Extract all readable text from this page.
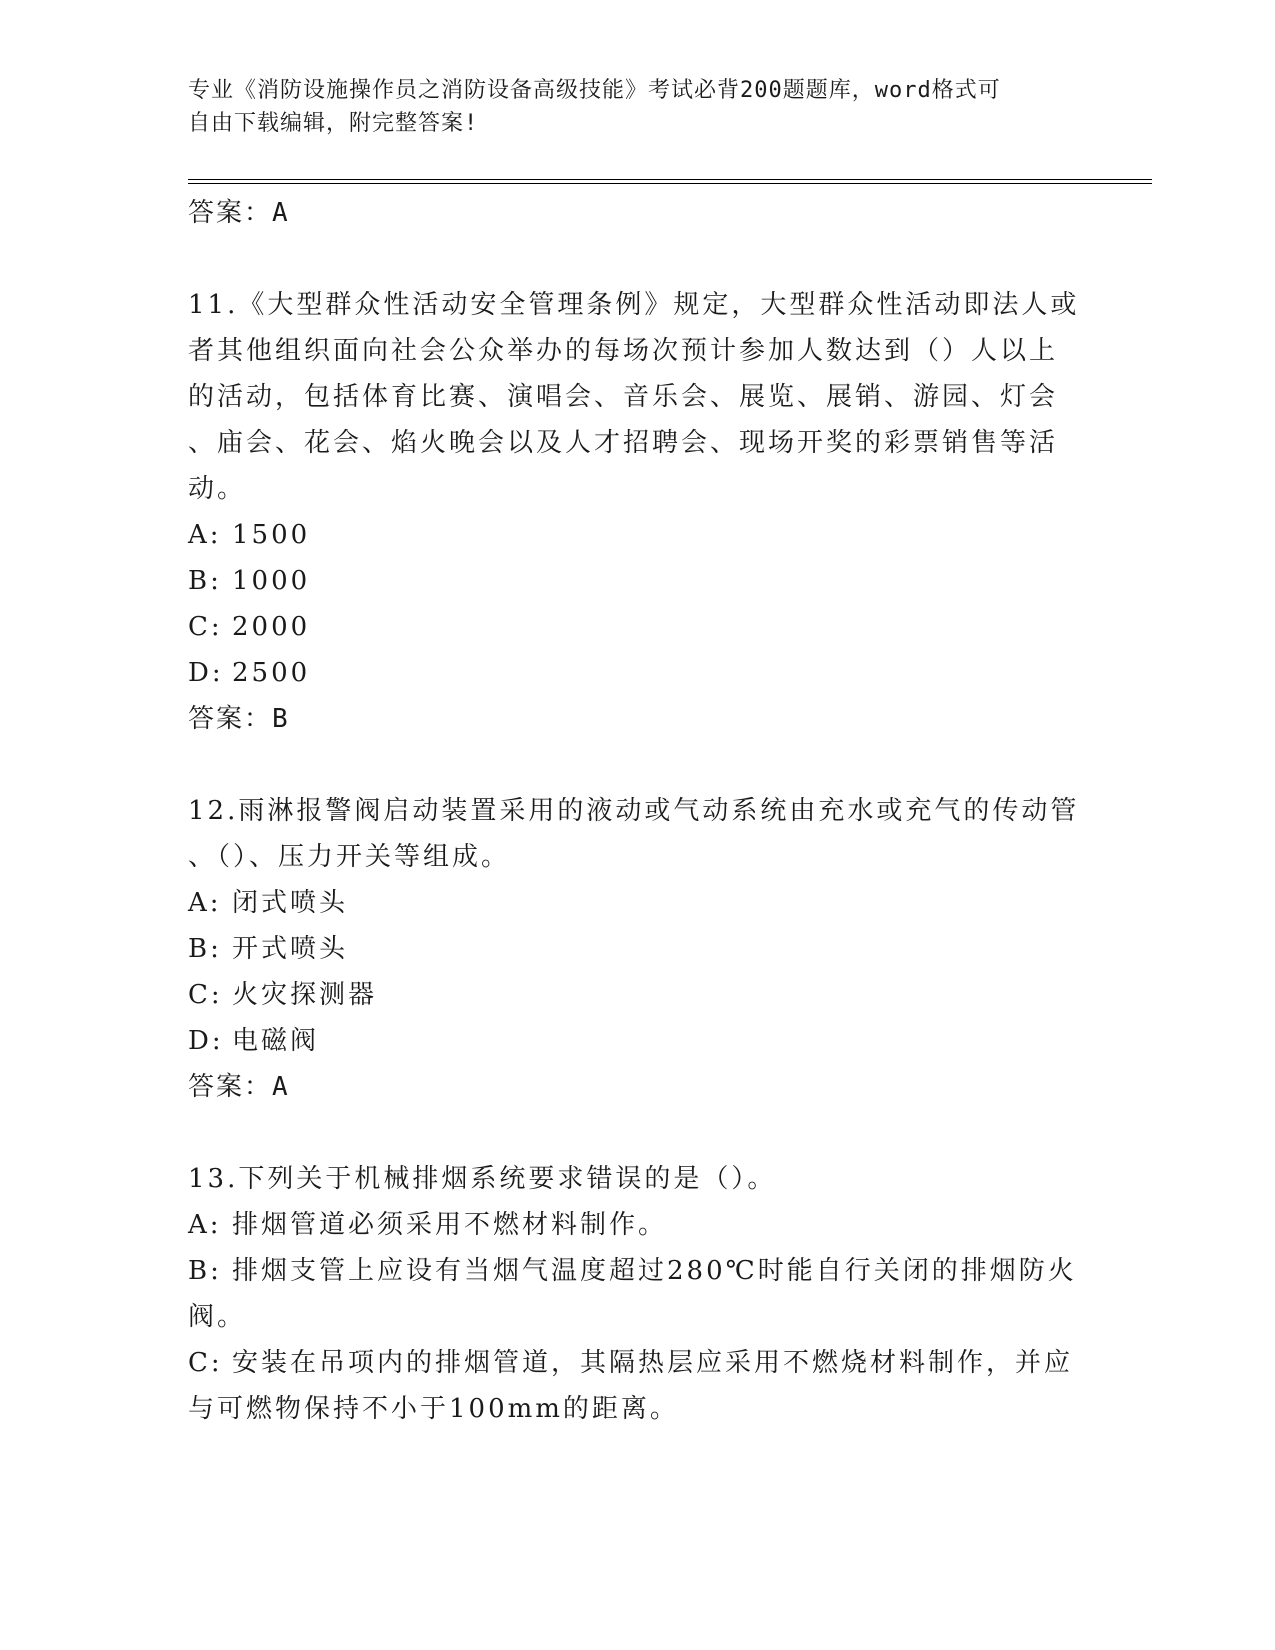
专业《消防设施操作员之消防设备高级技能》考试必背200题题库，word格式可
自由下载编辑，附完整答案!

答案：A

11.《大型群众性活动安全管理条例》规定，大型群众性活动即法人或

者其他组织面向社会公众举办的每场次预计参加人数达到（）人以上

的活动，包括体育比赛、演唱会、音乐会、展览、展销、游园、灯会

、庙会、花会、焰火晚会以及人才招聘会、现场开奖的彩票销售等活

动。

A: 1500

B: 1000

C: 2000

D: 2500

答案：B

12.雨淋报警阀启动装置采用的液动或气动系统由充水或充气的传动管

、（）、压力开关等组成。

A: 闭式喷头

B: 开式喷头

C: 火灾探测器

D: 电磁阀

答案：A

13.下列关于机械排烟系统要求错误的是（）。

A: 排烟管道必须采用不燃材料制作。

B: 排烟支管上应设有当烟气温度超过280℃时能自行关闭的排烟防火

阀。

C: 安装在吊项内的排烟管道，其隔热层应采用不燃烧材料制作，并应

与可燃物保持不小于100mm的距离。
